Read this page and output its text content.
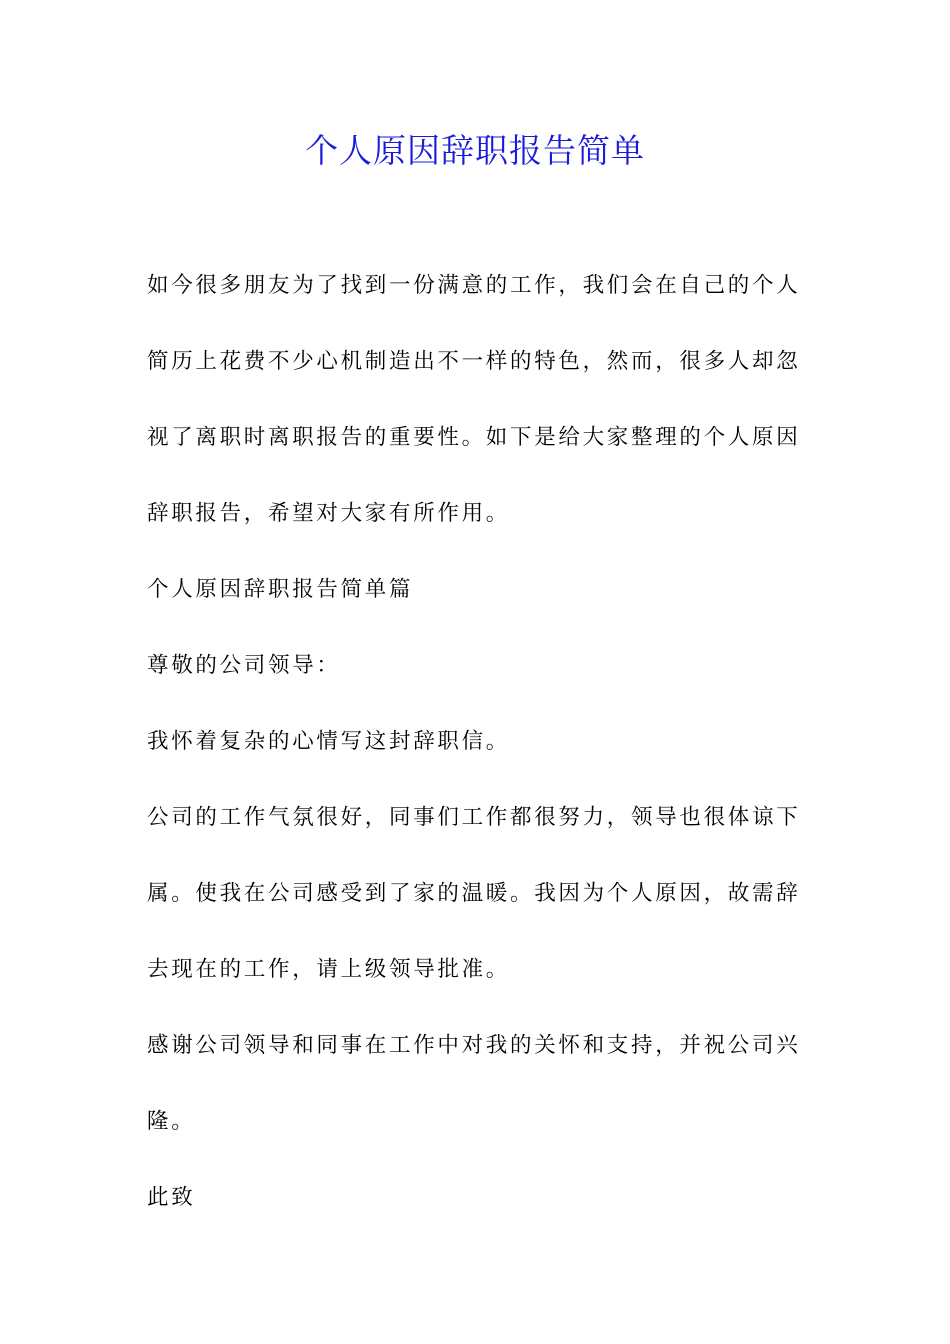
个人原因辞职报告简单

如今很多朋友为了找到一份满意的工作，我们会在自己的个人

简历上花费不少心机制造出不一样的特色，然而，很多人却忽

视了离职时离职报告的重要性。如下是给大家整理的个人原因

辞职报告，希望对大家有所作用。

个人原因辞职报告简单篇

尊敬的公司领导：

我怀着复杂的心情写这封辞职信。

公司的工作气氛很好，同事们工作都很努力，领导也很体谅下

属。使我在公司感受到了家的温暖。我因为个人原因，故需辞

去现在的工作，请上级领导批准。

感谢公司领导和同事在工作中对我的关怀和支持，并祝公司兴

隆。

此致
